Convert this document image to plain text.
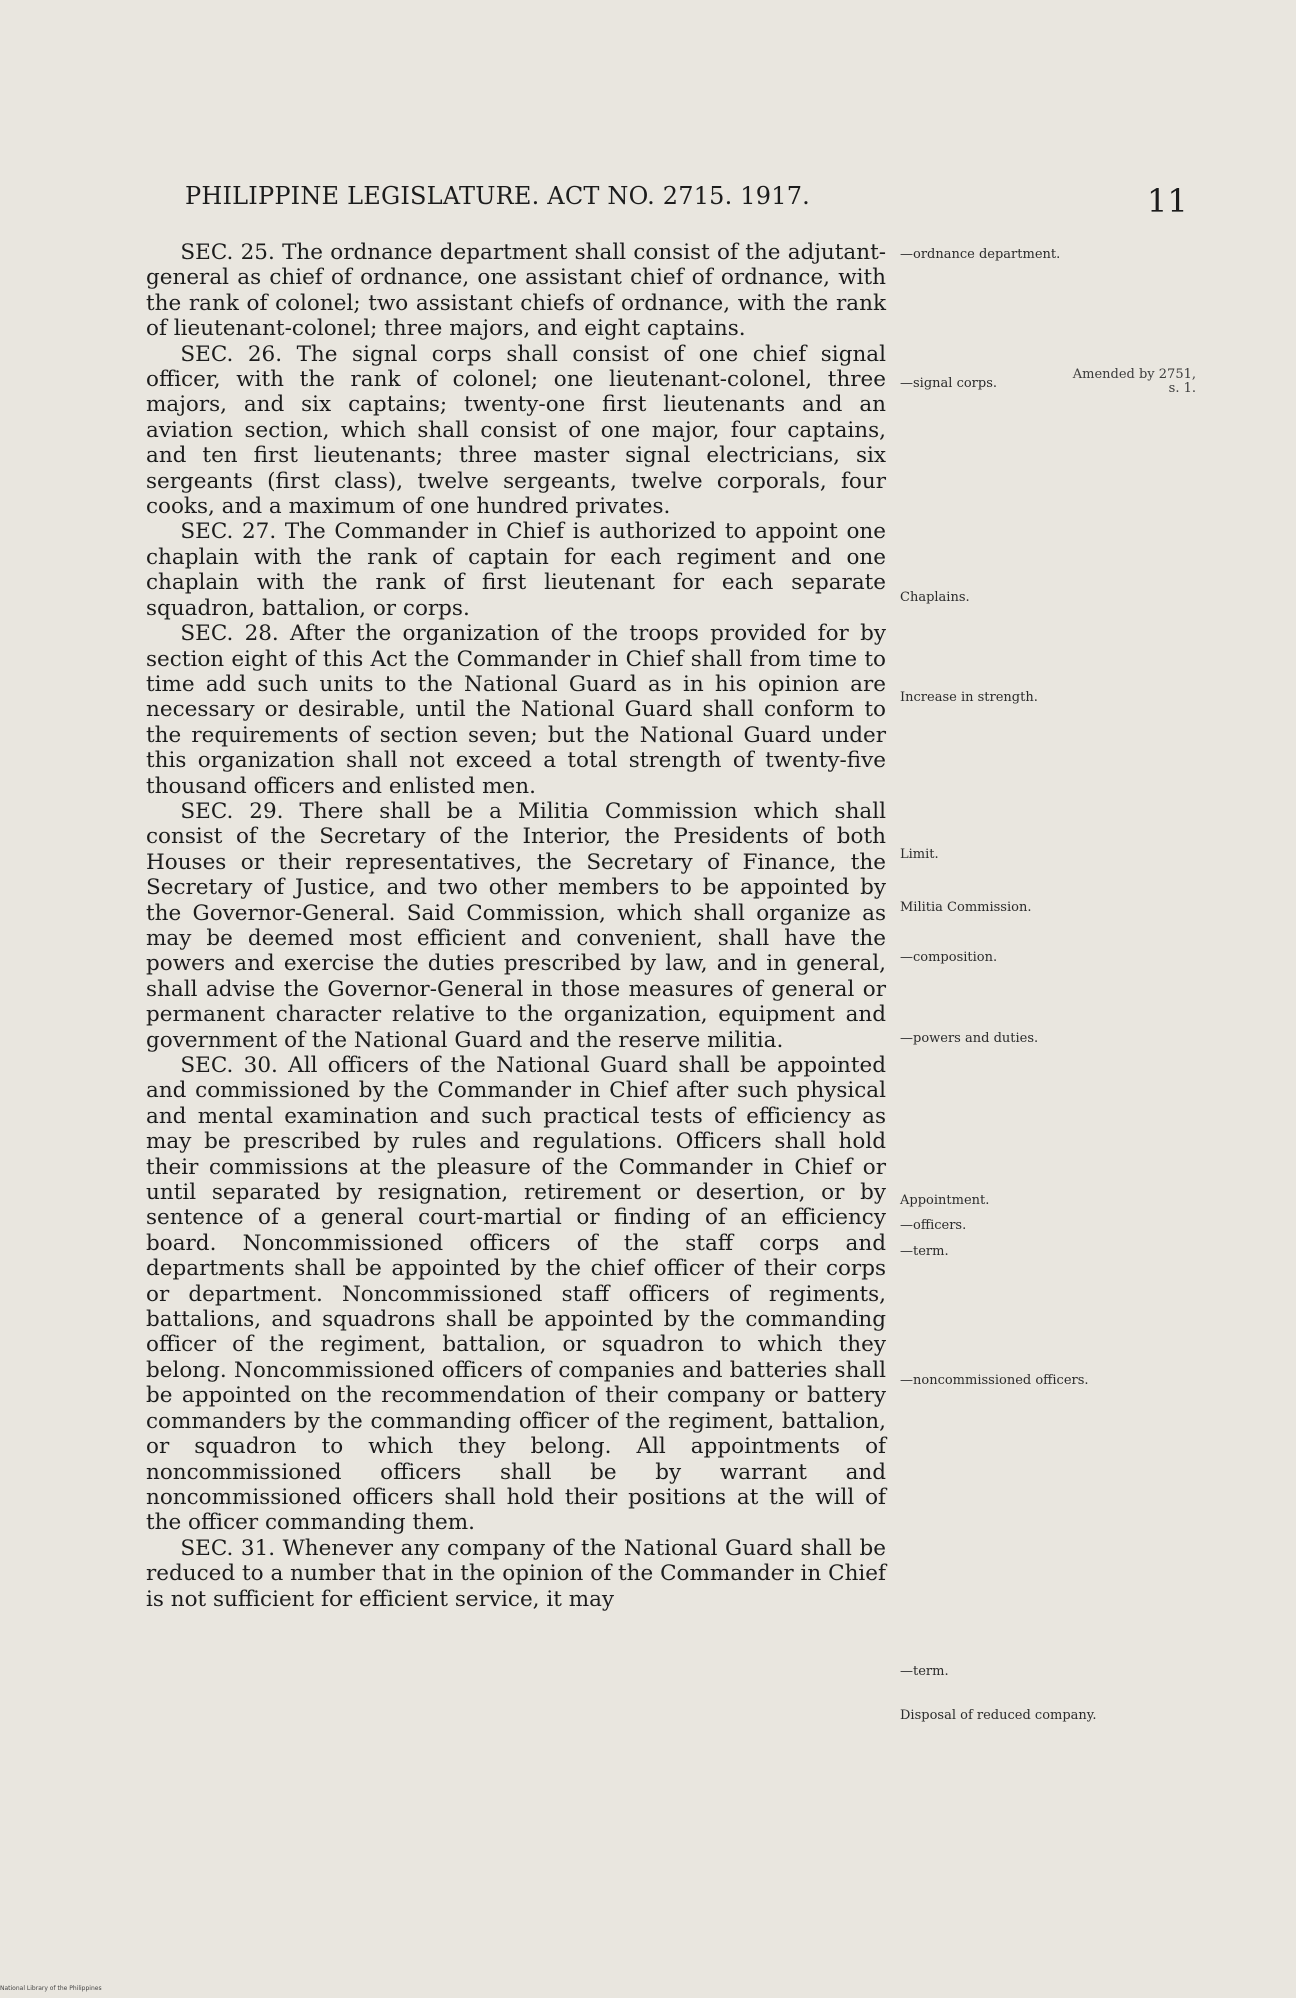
PHILIPPINE LEGISLATURE. ACT NO. 2715. 1917.	11

SEC. 25. The ordnance department shall consist of the adjutant-general as chief of ordnance, one assistant chief of ordnance, with the rank of colonel; two assistant chiefs of ordnance, with the rank of lieutenant-colonel; three majors, and eight captains.

SEC. 26. The signal corps shall consist of one chief signal officer, with the rank of colonel; one lieutenant-colonel, three majors, and six captains; twenty-one first lieutenants and an aviation section, which shall consist of one major, four captains, and ten first lieutenants; three master signal electricians, six sergeants (first class), twelve sergeants, twelve corporals, four cooks, and a maximum of one hundred privates.

SEC. 27. The Commander in Chief is authorized to appoint one chaplain with the rank of captain for each regiment and one chaplain with the rank of first lieutenant for each separate squadron, battalion, or corps.

SEC. 28. After the organization of the troops provided for by section eight of this Act the Commander in Chief shall from time to time add such units to the National Guard as in his opinion are necessary or desirable, until the National Guard shall conform to the requirements of section seven; but the National Guard under this organization shall not exceed a total strength of twenty-five thousand officers and enlisted men.

SEC. 29. There shall be a Militia Commission which shall consist of the Secretary of the Interior, the Presidents of both Houses or their representatives, the Secretary of Finance, the Secretary of Justice, and two other members to be appointed by the Governor-General. Said Commission, which shall organize as may be deemed most efficient and convenient, shall have the powers and exercise the duties prescribed by law, and in general, shall advise the Governor-General in those measures of general or permanent character relative to the organization, equipment and government of the National Guard and the reserve militia.

SEC. 30. All officers of the National Guard shall be appointed and commissioned by the Commander in Chief after such physical and mental examination and such practical tests of efficiency as may be prescribed by rules and regulations. Officers shall hold their commissions at the pleasure of the Commander in Chief or until separated by resignation, retirement or desertion, or by sentence of a general court-martial or finding of an efficiency board. Noncommissioned officers of the staff corps and departments shall be appointed by the chief officer of their corps or department. Noncommissioned staff officers of regiments, battalions, and squadrons shall be appointed by the commanding officer of the regiment, battalion, or squadron to which they belong. Noncommissioned officers of companies and batteries shall be appointed on the recommendation of their company or battery commanders by the commanding officer of the regiment, battalion, or squadron to which they belong. All appointments of noncommissioned officers shall be by warrant and noncommissioned officers shall hold their positions at the will of the officer commanding them.

SEC. 31. Whenever any company of the National Guard shall be reduced to a number that in the opinion of the Commander in Chief is not sufficient for efficient service, it may

—ordnance department.
—signal corps.
Chaplains.
Increase in strength.
Limit.
Militia Commission.
—composition.
—powers and duties.
Appointment.
—officers.
—term.
—noncommissioned officers.
—term.
Disposal of reduced company.
Amended by 2751, s. 1.
National Library of the Philippines
